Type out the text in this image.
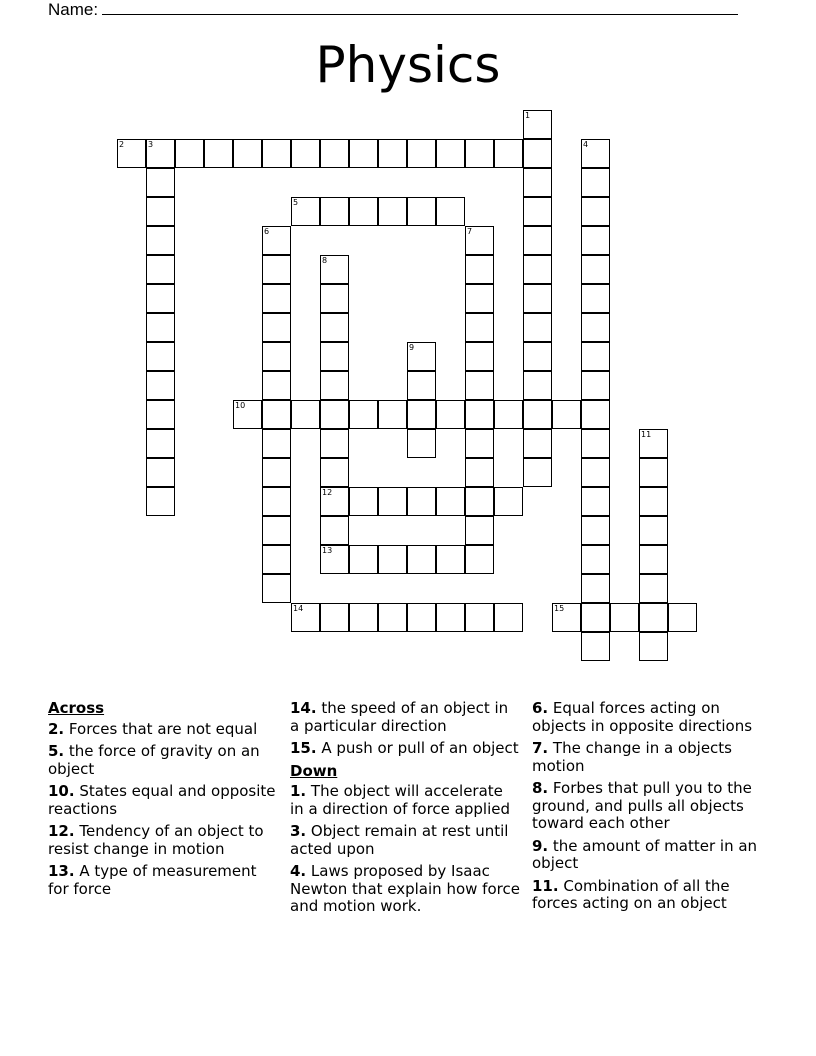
Name:
Physics
2	3
5
10
12
13
14	15
1
4
6	7
8
9
11
Across
2. Forces that are not equal
5. the force of gravity on an object
10. States equal and opposite reactions
12. Tendency of an object to resist change in motion
13. A type of measurement for force
14. the speed of an object in a particular direction
15. A push or pull of an object
Down
1. The object will accelerate in a direction of force applied
3. Object remain at rest until acted upon
4. Laws proposed by Isaac Newton that explain how force and motion work.
6. Equal forces acting on objects in opposite directions
7. The change in a objects motion
8. Forbes that pull you to the ground, and pulls all objects toward each other
9. the amount of matter in an object
11. Combination of all the forces acting on an object
